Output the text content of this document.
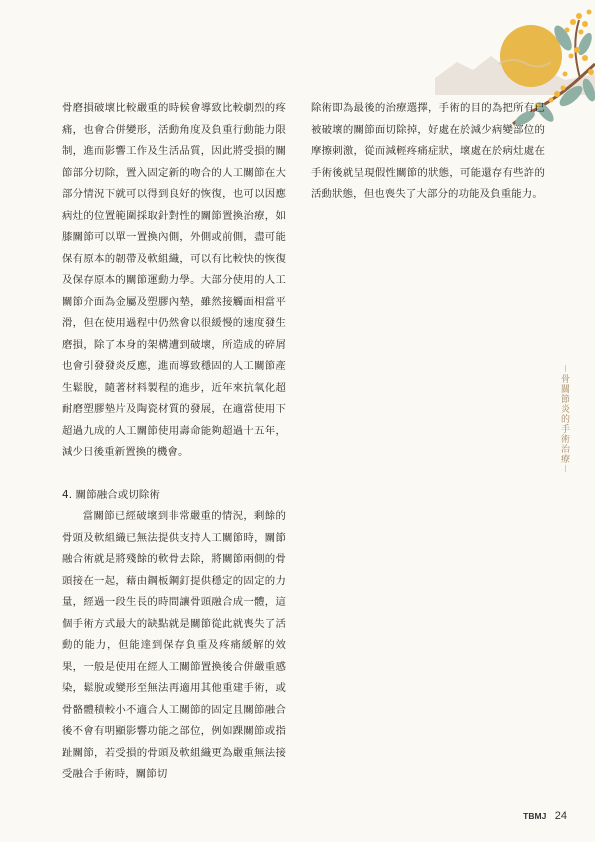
骨磨損破壞比較嚴重的時候會導致比較劇烈的疼痛，也會合併變形，活動角度及負重行動能力限制，進而影響工作及生活品質，因此將受損的關節部分切除，置入固定新的吻合的人工關節在大部分情況下就可以得到良好的恢復，也可以因應病灶的位置範圍採取針對性的關節置換治療，如膝關節可以單一置換內側，外側或前側，盡可能保有原本的韌帶及軟組織，可以有比較快的恢復及保存原本的關節運動力學。大部分使用的人工關節介面為金屬及塑膠內墊，雖然接觸面相當平滑，但在使用過程中仍然會以很緩慢的速度發生磨損，除了本身的架構遭到破壞，所造成的碎屑也會引發發炎反應，進而導致穩固的人工關節產生鬆脫，隨著材料製程的進步，近年來抗氧化超耐磨塑膠墊片及陶瓷材質的發展，在適當使用下超過九成的人工關節使用壽命能夠超過十五年，減少日後重新置換的機會。

4. 關節融合或切除術

當關節已經破壞到非常嚴重的情況，剩餘的骨頭及軟組織已無法提供支持人工關節時，關節融合術就是將殘餘的軟骨去除，將關節兩側的骨頭接在一起，藉由鋼板鋼釘提供穩定的固定的力量，經過一段生長的時間讓骨頭融合成一體，這個手術方式最大的缺點就是關節從此就喪失了活動的能力，但能達到保存負重及疼痛緩解的效果，一般是使用在經人工關節置換後合併嚴重感染，鬆脫或變形至無法再適用其他重建手術，或骨骼體積較小不適合人工關節的固定且關節融合後不會有明顯影響功能之部位，例如踝關節或指趾關節，若受損的骨頭及軟組織更為嚴重無法接受融合手術時，關節切

除術即為最後的治療選擇，手術的目的為把所有已被破壞的關節面切除掉，好處在於減少病變部位的摩擦刺激，從而減輕疼痛症狀，壞處在於病灶處在手術後就呈現假性關節的狀態，可能還存有些許的活動狀態，但也喪失了大部分的功能及負重能力。

－骨關節炎的手術治療－
TBMJ 24
